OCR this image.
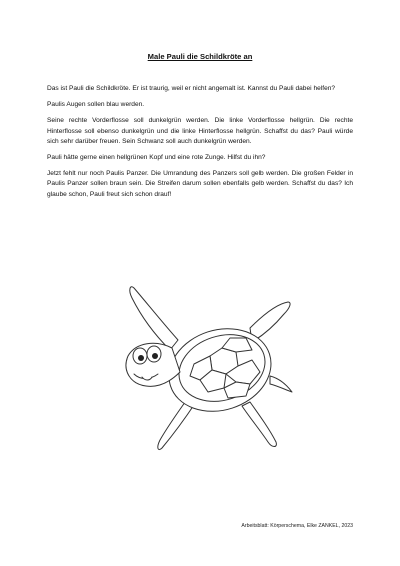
Male Pauli die Schildkröte an

Das ist Pauli die Schildkröte. Er ist traurig, weil er nicht angemalt ist. Kannst du Pauli dabei helfen?

Paulis Augen sollen blau werden.

Seine rechte Vorderflosse soll dunkelgrün werden. Die linke Vorderflosse hellgrün. Die rechte Hinterflosse soll ebenso dunkelgrün und die linke Hinterflosse hellgrün. Schaffst du das? Pauli würde sich sehr darüber freuen. Sein Schwanz soll auch dunkelgrün werden.

Pauli hätte gerne einen hellgrünen Kopf und eine rote Zunge. Hilfst du ihn?

Jetzt fehlt nur noch Paulis Panzer. Die Umrandung des Panzers soll gelb werden. Die großen Felder in Paulis Panzer sollen braun sein. Die Streifen darum sollen ebenfalls gelb werden. Schaffst du das? Ich glaube schon, Pauli freut sich schon drauf!

Arbeitsblatt: Körperschema, Elke ZANKEL, 2023
